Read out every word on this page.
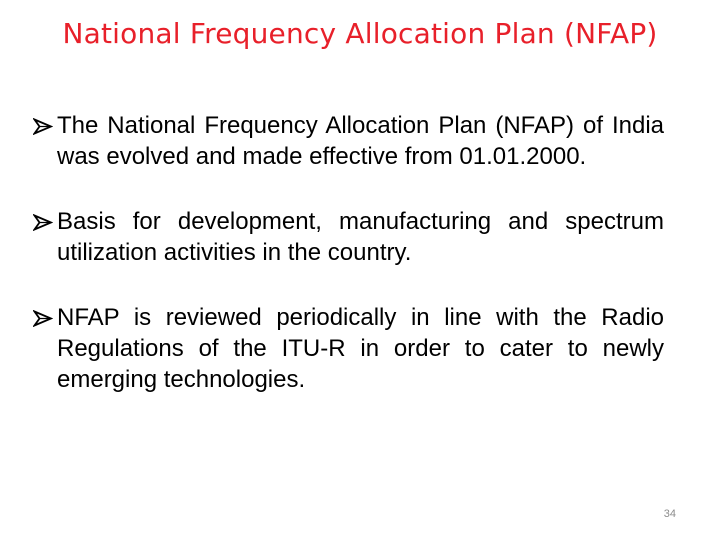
National Frequency Allocation Plan (NFAP)
The National Frequency Allocation Plan (NFAP) of India was evolved and made effective from 01.01.2000.
Basis for development, manufacturing and spectrum utilization activities in the country.
NFAP is reviewed periodically in line with the Radio Regulations of the ITU-R in order to cater to newly emerging technologies.
34
